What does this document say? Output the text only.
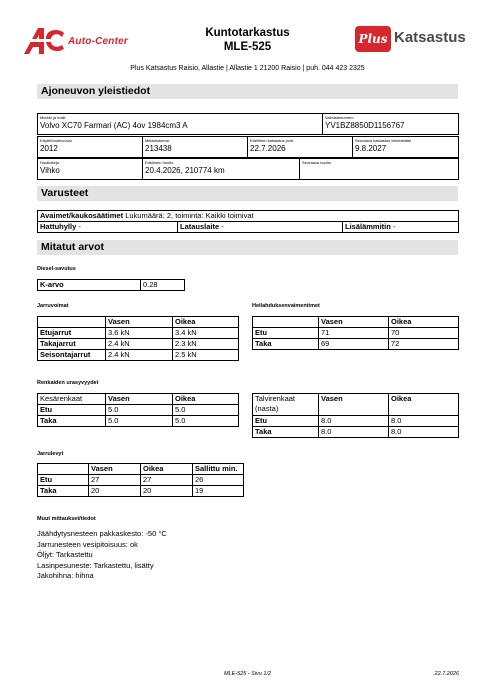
Auto-Center
Kuntotarkastus
MLE-525
Plus Katsastus
Plus Katsastus Raisio, Allastie | Allastie 1 21200 Raisio | puh. 044 423 2325
Ajoneuvon yleistiedot
Merkki ja malli
Volvo XC70 Farmari (AC) 4ov 1984cm3 A

Valmistenumero
YV1BZ8850D1156767
Käyttöönottovuosi
2012

Mittarilukema
213438

Edellinen katsastus pvm.
22.7.2026

Seuraava katsastus viimeistään
9.8.2027
Huoltokirja
Vihko

Edellinen huolto
20.4.2026, 210774 km

Seuraava huolto
Varusteet
Avaimet/kaukosäätimet Lukumäärä: 2, toiminta: Kaikki toimivat
Hattuhylly -	Latauslaite -	Lisälämmitin -
Mitatut arvot
Diesel-savutus
K-arvo	0.28
Jarruvoimat
	Vasen	Oikea
Etujarrut	3.6 kN	3.4 kN
Takajarrut	2.4 kN	2.3 kN
Seisontajarrut	2.4 kN	2.5 kN
Heilahduksenvaimentimet
	Vasen	Oikea
Etu	71	70
Taka	69	72
Renkaiden urasyvyydet
Kesärenkaat	Vasen	Oikea
Etu	5.0	5.0
Taka	5.0	5.0
Talvirenkaat (nasta)	Vasen	Oikea
Etu	8.0	8.0
Taka	8.0	8.0
Jarrulevyt
	Vasen	Oikea	Sallittu min.
Etu	27	27	26
Taka	20	20	19
Muut mittaukset/tiedot
Jäähdytysnesteen pakkaskesto: -50 °C
Jarrunesteen vesipitoisuus: ok
Öljyt: Tarkastettu
Lasinpesuneste: Tarkastettu, lisätty
Jakohihna: hihna
MLE-525 - Sivu 1/2	22.7.2026
